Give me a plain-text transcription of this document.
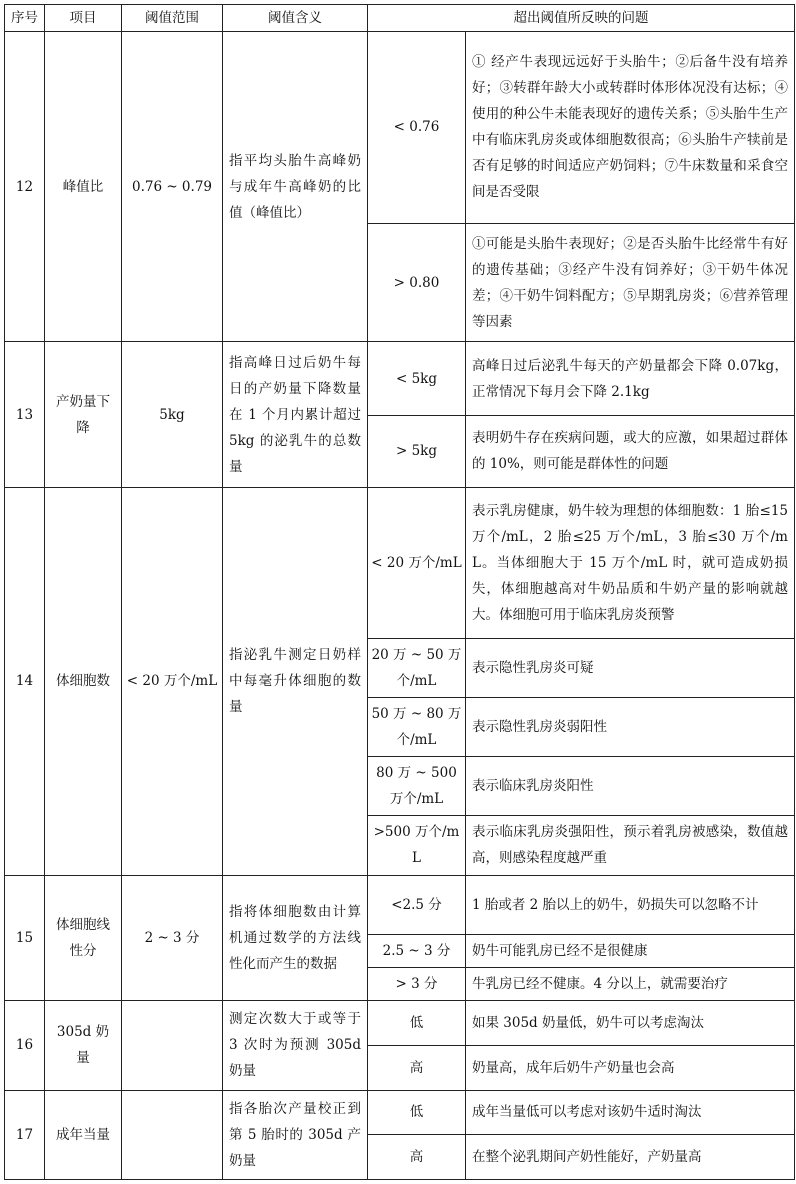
序号	项目	阈值范围	阈值含义	超出阈值所反映的问题	
12	峰值比	0.76 ~ 0.79	指平均头胎牛高峰奶与成年牛高峰奶的比值（峰值比）	< 0.76	① 经产牛表现远远好于头胎牛；②后备牛没有培养好；③转群年龄大小或转群时体形体况没有达标；④使用的种公牛未能表现好的遗传关系；⑤头胎牛生产中有临床乳房炎或体细胞数很高；⑥头胎牛产犊前是否有足够的时间适应产奶饲料；⑦牛床数量和采食空间是否受限
				> 0.80	①可能是头胎牛表现好；②是否头胎牛比经常牛有好的遗传基础；③经产牛没有饲养好；③干奶牛体况差；④干奶牛饲料配方；⑤早期乳房炎；⑥营养管理等因素
13	产奶量下降	5kg	指高峰日过后奶牛每日的产奶量下降数量在 1 个月内累计超过 5kg 的泌乳牛的总数量	< 5kg	高峰日过后泌乳牛每天的产奶量都会下降 0.07kg，正常情况下每月会下降 2.1kg
				> 5kg	表明奶牛存在疾病问题，或大的应激，如果超过群体的 10%，则可能是群体性的问题
14	体细胞数	< 20 万个/mL	指泌乳牛测定日奶样中每毫升体细胞的数量	< 20 万个/mL	表示乳房健康，奶牛较为理想的体细胞数：1 胎≤15 万个/mL，2 胎≤25 万个/mL，3 胎≤30 万个/mL。当体细胞大于 15 万个/mL 时，就可造成奶损失，体细胞越高对牛奶品质和牛奶产量的影响就越大。体细胞可用于临床乳房炎预警
				20 万 ~ 50 万个/mL	表示隐性乳房炎可疑
				50 万 ~ 80 万个/mL	表示隐性乳房炎弱阳性
				80 万 ~ 500 万个/mL	表示临床乳房炎阳性
				>500 万个/mL	表示临床乳房炎强阳性，预示着乳房被感染，数值越高，则感染程度越严重
15	体细胞线性分	2 ~ 3 分	指将体细胞数由计算机通过数学的方法线性化而产生的数据	<2.5 分	1 胎或者 2 胎以上的奶牛，奶损失可以忽略不计
				2.5 ~ 3 分	奶牛可能乳房已经不是很健康
				> 3 分	牛乳房已经不健康。4 分以上，就需要治疗
16	305d 奶量		测定次数大于或等于 3 次时为预测 305d 奶量	低	如果 305d 奶量低，奶牛可以考虑淘汰
				高	奶量高，成年后奶牛产奶量也会高
17	成年当量		指各胎次产量校正到第 5 胎时的 305d 产奶量	低	成年当量低可以考虑对该奶牛适时淘汰
				高	在整个泌乳期间产奶性能好，产奶量高
